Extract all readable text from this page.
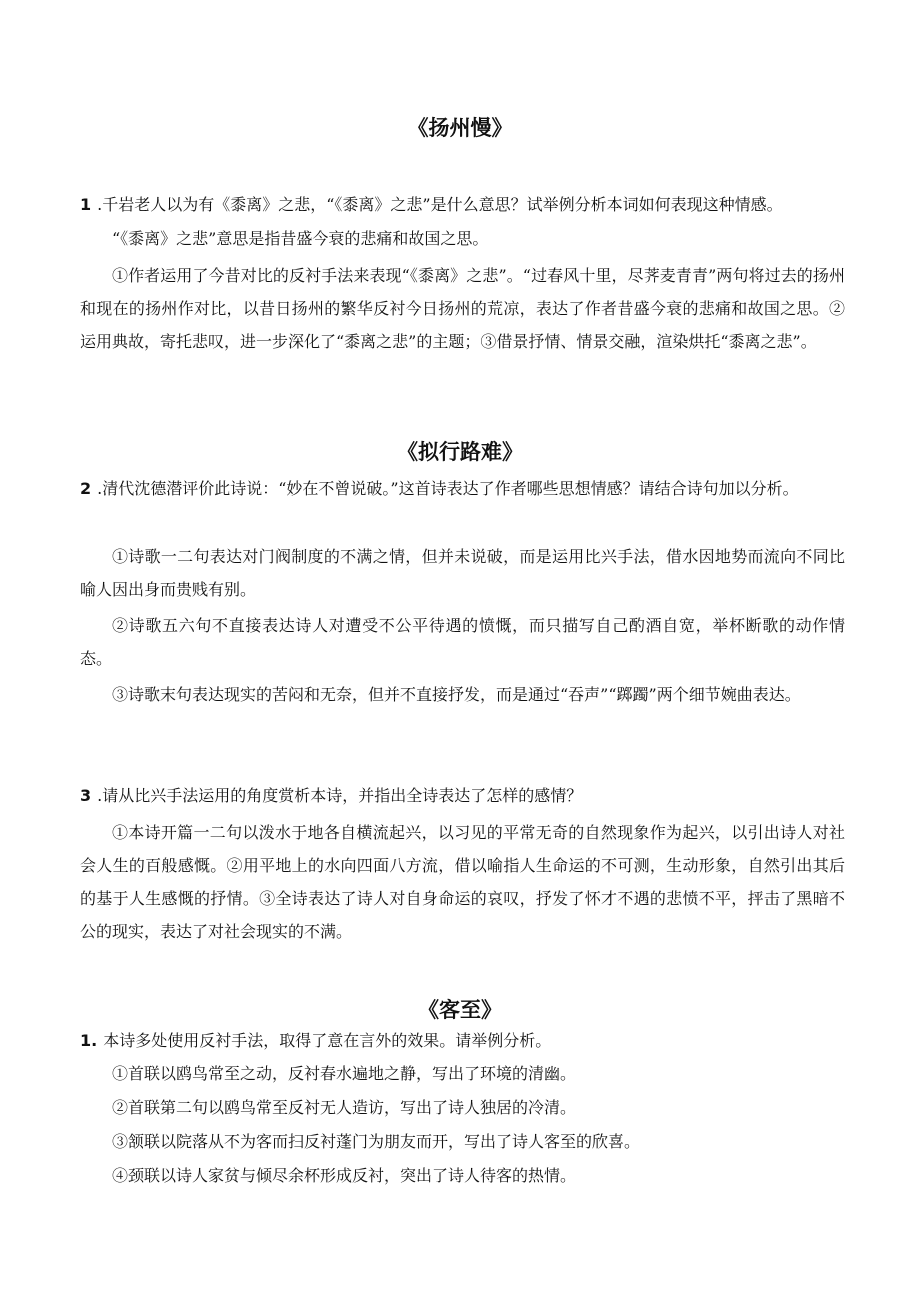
《扬州慢》
1 .千岩老人以为有《黍离》之悲，“《黍离》之悲”是什么意思？试举例分析本词如何表现这种情感。
“《黍离》之悲”意思是指昔盛今衰的悲痛和故国之思。
①作者运用了今昔对比的反衬手法来表现“《黍离》之悲”。“过春风十里，尽荠麦青青”两句将过去的扬州和现在的扬州作对比，以昔日扬州的繁华反衬今日扬州的荒凉，表达了作者昔盛今衰的悲痛和故国之思。②运用典故，寄托悲叹，进一步深化了“黍离之悲”的主题；③借景抒情、情景交融，渲染烘托“黍离之悲”。
《拟行路难》
2 .清代沈德潜评价此诗说：“妙在不曾说破。”这首诗表达了作者哪些思想情感？请结合诗句加以分析。
①诗歌一二句表达对门阀制度的不满之情，但并未说破，而是运用比兴手法，借水因地势而流向不同比喻人因出身而贵贱有别。
②诗歌五六句不直接表达诗人对遭受不公平待遇的愤慨，而只描写自己酌酒自宽，举杯断歌的动作情态。
③诗歌末句表达现实的苦闷和无奈，但并不直接抒发，而是通过“吞声”“踯躅”两个细节婉曲表达。
3 .请从比兴手法运用的角度赏析本诗，并指出全诗表达了怎样的感情？
①本诗开篇一二句以泼水于地各自横流起兴，以习见的平常无奇的自然现象作为起兴，以引出诗人对社会人生的百般感慨。②用平地上的水向四面八方流，借以喻指人生命运的不可测，生动形象，自然引出其后的基于人生感慨的抒情。③全诗表达了诗人对自身命运的哀叹，抒发了怀才不遇的悲愤不平，抨击了黑暗不公的现实，表达了对社会现实的不满。
《客至》
1. 本诗多处使用反衬手法，取得了意在言外的效果。请举例分析。
①首联以鸥鸟常至之动，反衬春水遍地之静，写出了环境的清幽。
②首联第二句以鸥鸟常至反衬无人造访，写出了诗人独居的冷清。
③颔联以院落从不为客而扫反衬蓬门为朋友而开，写出了诗人客至的欣喜。
④颈联以诗人家贫与倾尽余杯形成反衬，突出了诗人待客的热情。
